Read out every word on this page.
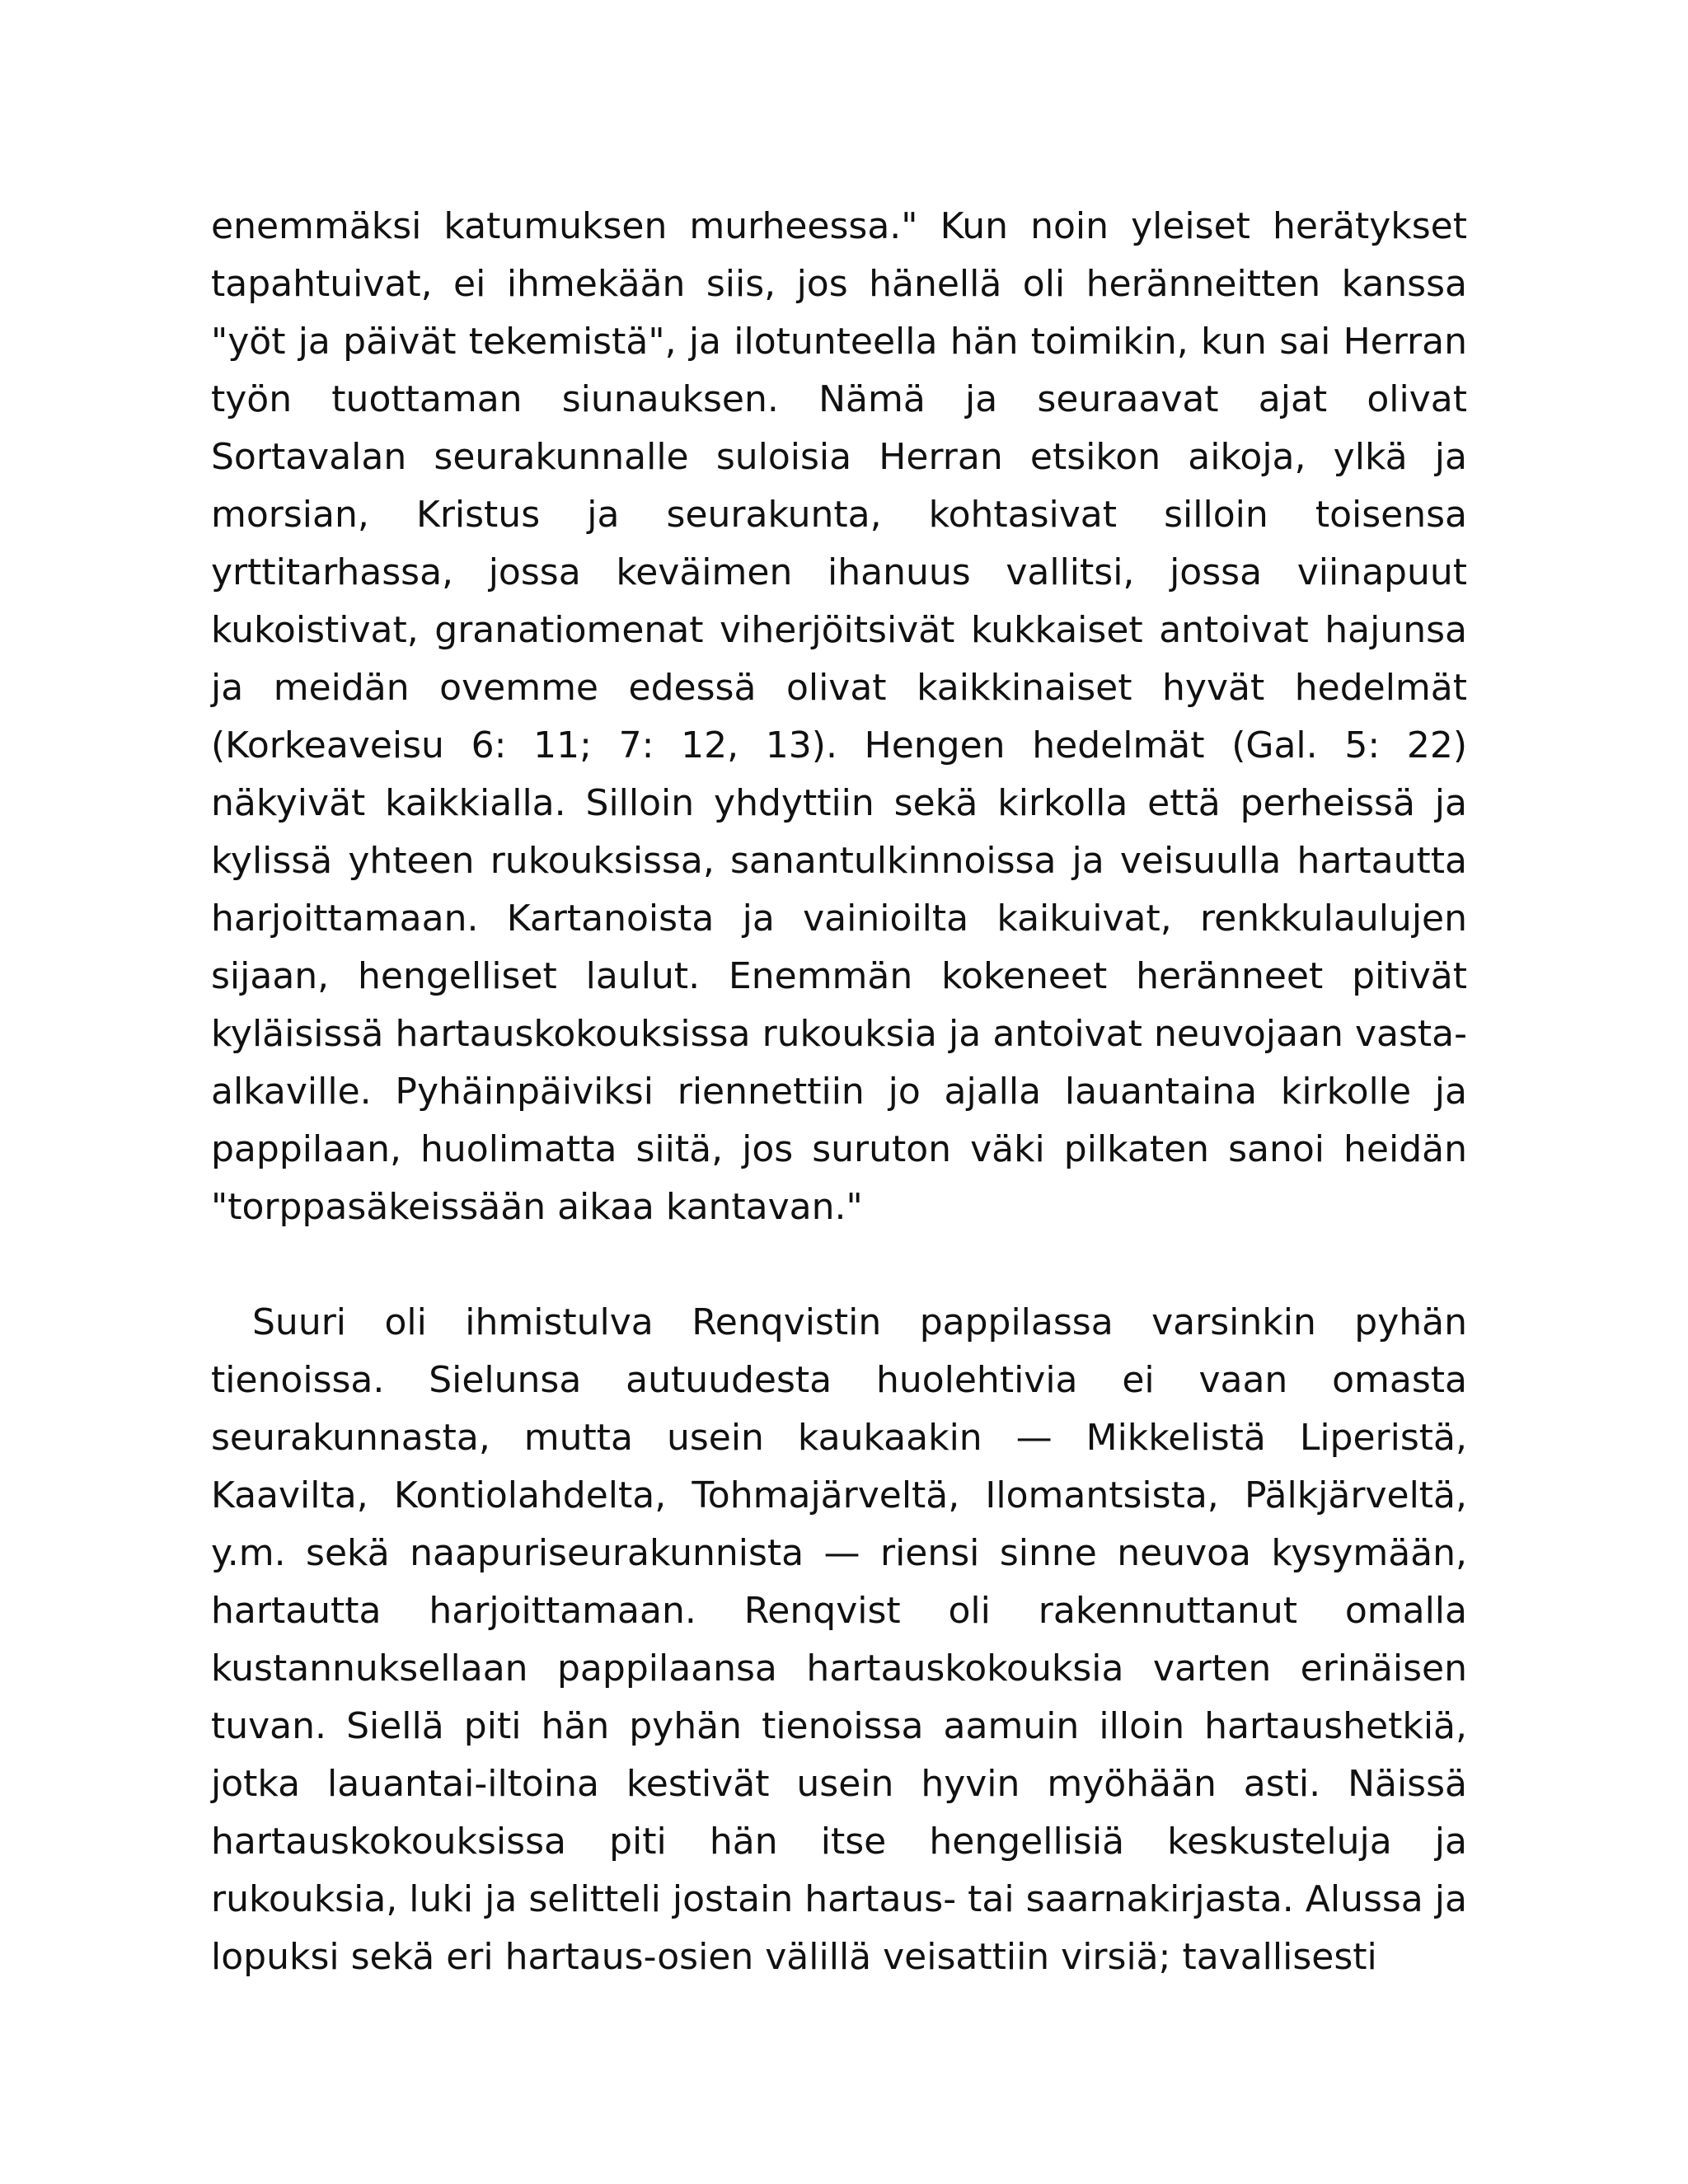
enemmäksi katumuksen murheessa." Kun noin yleiset herätykset tapahtuivat, ei ihmekään siis, jos hänellä oli heränneitten kanssa "yöt ja päivät tekemistä", ja ilotunteella hän toimikin, kun sai Herran työn tuottaman siunauksen. Nämä ja seuraavat ajat olivat Sortavalan seurakunnalle suloisia Herran etsikon aikoja, ylkä ja morsian, Kristus ja seurakunta, kohtasivat silloin toisensa yrttitarhassa, jossa keväimen ihanuus vallitsi, jossa viinapuut kukoistivat, granatiomenat viherjöitsivät kukkaiset antoivat hajunsa ja meidän ovemme edessä olivat kaikkinaiset hyvät hedelmät (Korkeaveisu 6: 11; 7: 12, 13). Hengen hedelmät (Gal. 5: 22) näkyivät kaikkialla. Silloin yhdyttiin sekä kirkolla että perheissä ja kylissä yhteen rukouksissa, sanantulkinnoissa ja veisuulla hartautta harjoittamaan. Kartanoista ja vainioilta kaikuivat, renkkulaulujen sijaan, hengelliset laulut. Enemmän kokeneet heränneet pitivät kyläisissä hartauskokouksissa rukouksia ja antoivat neuvojaan vasta-alkaville. Pyhäinpäiviksi riennettiin jo ajalla lauantaina kirkolle ja pappilaan, huolimatta siitä, jos suruton väki pilkaten sanoi heidän "torppasäkeissään aikaa kantavan."

Suuri oli ihmistulva Renqvistin pappilassa varsinkin pyhän tienoissa. Sielunsa autuudesta huolehtivia ei vaan omasta seurakunnasta, mutta usein kaukaakin — Mikkelistä Liperistä, Kaavilta, Kontiolahdelta, Tohmajärveltä, Ilomantsista, Pälkjärveltä, y.m. sekä naapuriseurakunnista — riensi sinne neuvoa kysymään, hartautta harjoittamaan. Renqvist oli rakennuttanut omalla kustannuksellaan pappilaansa hartauskokouksia varten erinäisen tuvan. Siellä piti hän pyhän tienoissa aamuin illoin hartaushetkiä, jotka lauantai-iltoina kestivät usein hyvin myöhään asti. Näissä hartauskokouksissa piti hän itse hengellisiä keskusteluja ja rukouksia, luki ja selitteli jostain hartaus- tai saarnakirjasta. Alussa ja lopuksi sekä eri hartaus-osien välillä veisattiin virsiä; tavallisesti
